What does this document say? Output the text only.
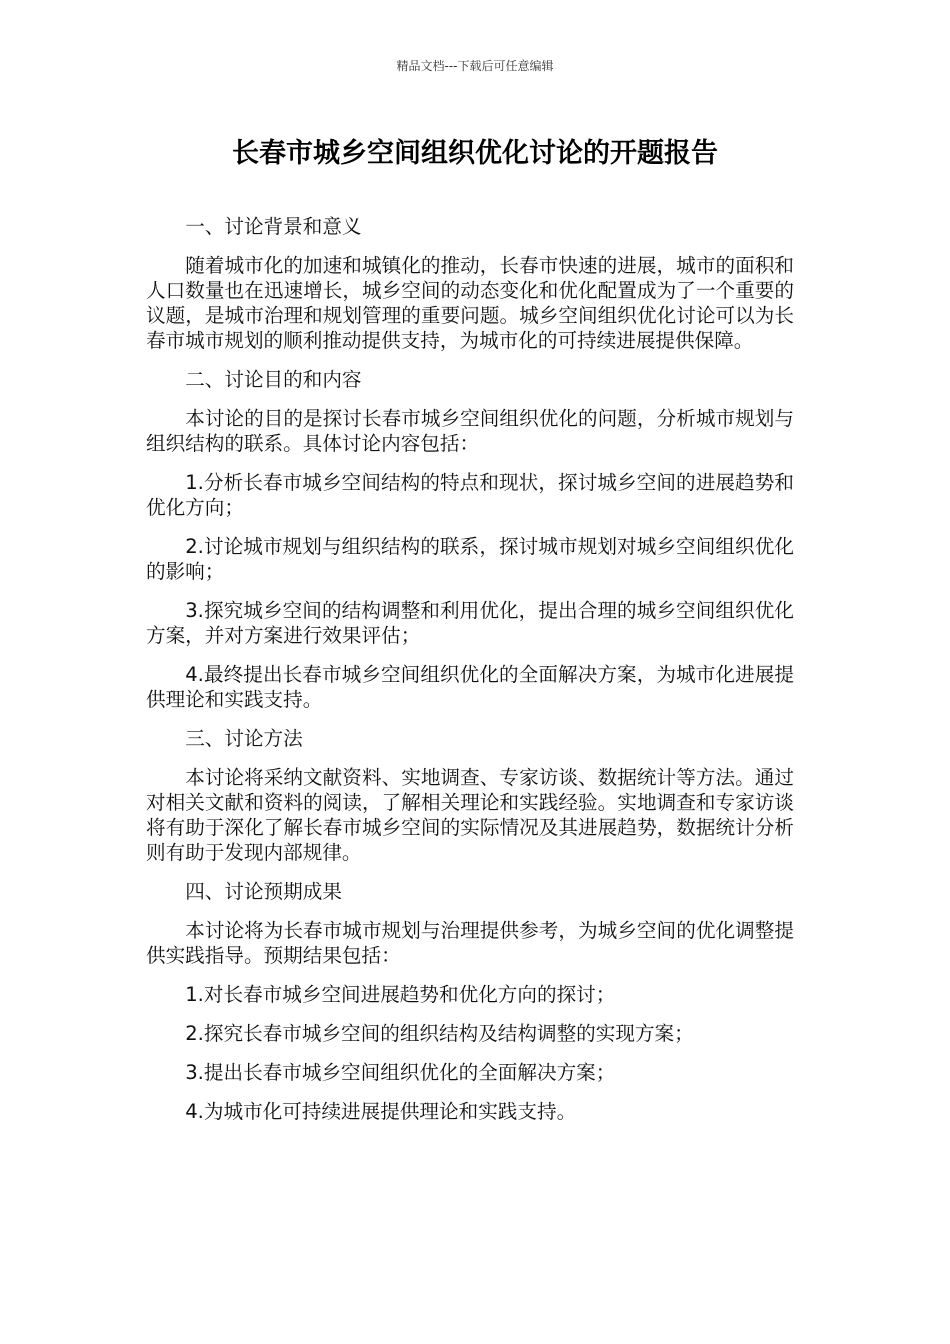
精品文档---下载后可任意编辑
长春市城乡空间组织优化讨论的开题报告

一、讨论背景和意义

随着城市化的加速和城镇化的推动，长春市快速的进展，城市的面积和人口数量也在迅速增长，城乡空间的动态变化和优化配置成为了一个重要的议题，是城市治理和规划管理的重要问题。城乡空间组织优化讨论可以为长春市城市规划的顺利推动提供支持，为城市化的可持续进展提供保障。

二、讨论目的和内容

本讨论的目的是探讨长春市城乡空间组织优化的问题，分析城市规划与组织结构的联系。具体讨论内容包括：

1.分析长春市城乡空间结构的特点和现状，探讨城乡空间的进展趋势和优化方向；

2.讨论城市规划与组织结构的联系，探讨城市规划对城乡空间组织优化的影响；

3.探究城乡空间的结构调整和利用优化，提出合理的城乡空间组织优化方案，并对方案进行效果评估；

4.最终提出长春市城乡空间组织优化的全面解决方案，为城市化进展提供理论和实践支持。

三、讨论方法

本讨论将采纳文献资料、实地调查、专家访谈、数据统计等方法。通过对相关文献和资料的阅读，了解相关理论和实践经验。实地调查和专家访谈将有助于深化了解长春市城乡空间的实际情况及其进展趋势，数据统计分析则有助于发现内部规律。

四、讨论预期成果

本讨论将为长春市城市规划与治理提供参考，为城乡空间的优化调整提供实践指导。预期结果包括：

1.对长春市城乡空间进展趋势和优化方向的探讨；

2.探究长春市城乡空间的组织结构及结构调整的实现方案；

3.提出长春市城乡空间组织优化的全面解决方案；

4.为城市化可持续进展提供理论和实践支持。
